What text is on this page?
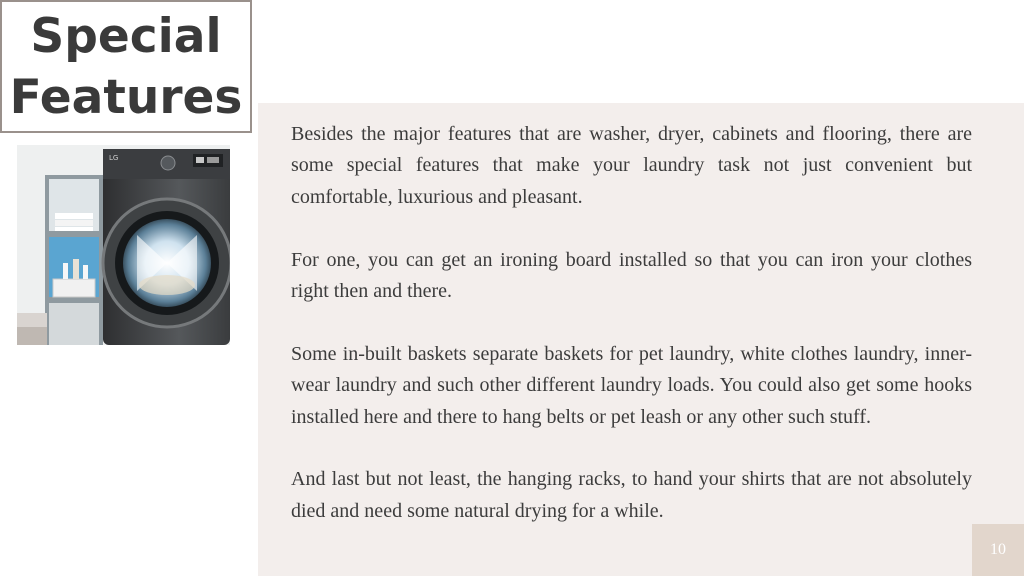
Special Features
LG

Besides the major features that are washer, dryer, cabinets and flooring, there are some special features that make your laundry task not just convenient but comfortable, luxurious and pleasant.

For one, you can get an ironing board installed so that you can iron your clothes right then and there.

Some in-built baskets separate baskets for pet laundry, white clothes laundry, inner-wear laundry and such other different laundry loads. You could also get some hooks installed here and there to hang belts or pet leash or any other such stuff.

And last but not least, the hanging racks, to hand your shirts that are not absolutely died and need some natural drying for a while.

10
